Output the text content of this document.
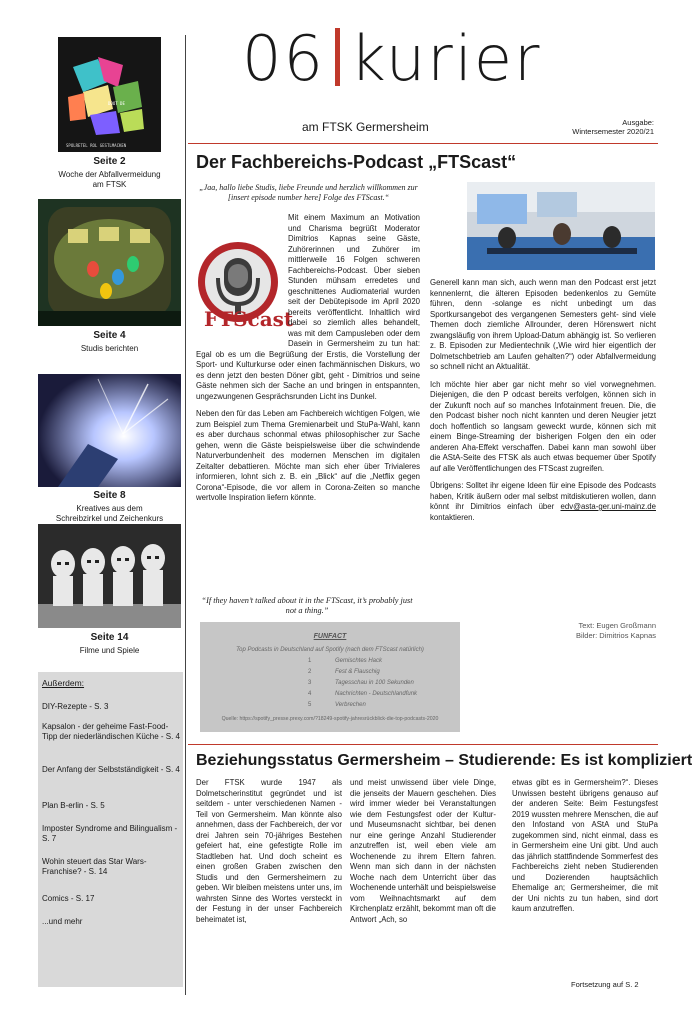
DOOT DE
SPOLRETEL ROL GESTLMACKEN
Seite 2
Woche der Abfallvermeidung
am FTSK
Seite 4
Studis berichten
Seite 8
Kreatives aus dem
Schreibzirkel und Zeichenkurs
Seite 14
Filme und Spiele
Außerdem:
DIY-Rezepte - S. 3
Kapsalon - der geheime Fast-Food-Tipp der niederländischen Küche - S. 4
Der Anfang der Selbstständigkeit - S. 4
Plan B-erlin - S. 5
Imposter Syndrome and Bilingualism - S. 7
Wohin steuert das Star Wars-Franchise? - S. 14
Comics - S. 17
...und mehr
06 kurier
am FTSK Germersheim	Ausgabe:
Wintersemester 2020/21
Der Fachbereichs-Podcast „FTScast“
„Jaa, hallo liebe Studis, liebe Freunde und herzlich willkommen zur [insert episode number here] Folge des FTScast.“
FTScast

Mit einem Maximum an Motivation und Charisma begrüßt Moderator Dimitrios Kapnas seine Gäste, Zuhörerinnen und Zuhörer im mittlerweile 16 Folgen schweren Fachbereichs-Podcast. Über sieben Stunden mühsam erredetes und geschnittenes Audiomaterial wurden seit der Debütepisode im April 2020 bereits veröffentlicht. Inhaltlich wird dabei so ziemlich alles behandelt, was mit dem Campusleben oder dem Dasein in Germersheim zu tun hat: Egal ob es um die Begrüßung der Erstis, die Vorstellung der Sport- und Kulturkurse oder einen fachmännischen Diskurs, wo es denn jetzt den besten Döner gibt, geht - Dimitrios und seine Gäste nehmen sich der Sache an und bringen in entspannten, ungezwungenen Gesprächsrunden Licht ins Dunkel.

Neben den für das Leben am Fachbereich wichtigen Folgen, wie zum Beispiel zum Thema Gremienarbeit und StuPa-Wahl, kann es aber durchaus schonmal etwas philosophischer zur Sache gehen, wenn die Gäste beispielsweise über die schwindende Naturverbundenheit des modernen Menschen im digitalen Zeitalter debattieren. Möchte man sich eher über Trivialeres informieren, lohnt sich z. B. ein „Blick“ auf die „Netflix gegen Corona“-Episode, die vor allem in Corona-Zeiten so manche wertvolle Inspiration liefern könnte.

“If they haven’t talked about it in the FTScast, it’s probably just not a thing.”

Generell kann man sich, auch wenn man den Podcast erst jetzt kennenlernt, die älteren Episoden bedenkenlos zu Gemüte führen, denn -solange es nicht unbedingt um das Sportkursangebot des vergangenen Semesters geht- sind viele Themen doch ziemliche Allrounder, deren Hörenswert nicht zwangsläufig von ihrem Upload-Datum abhängig ist. So verlieren z. B. Episoden zur Medientechnik („Wie wird hier eigentlich der Dolmetschbetrieb am Laufen gehalten?“) oder Abfallvermeidung so schnell nicht an Aktualität.

Ich möchte hier aber gar nicht mehr so viel vorwegnehmen. Diejenigen, die den P odcast bereits verfolgen, können sich in der Zukunft noch auf so manches Infotainment freuen. Die, die den Podcast bisher noch nicht kannten und deren Neugier jetzt doch hoffentlich so langsam geweckt wurde, können sich mit einem Binge-Streaming der bisherigen Folgen den ein oder anderen Aha-Effekt verschaffen. Dabei kann man sowohl über die AStA-Seite des FTSK als auch etwas bequemer über Spotify auf alle Veröffentlichungen des FTScast zugreifen.

Übrigens: Solltet ihr eigene Ideen für eine Episode des Podcasts haben, Kritik äußern oder mal selbst mitdiskutieren wollen, dann könnt ihr Dimitrios einfach über edv@asta-ger.uni-mainz.de kontaktieren.

Text: Eugen Großmann
Bilder: Dimitrios Kapnas
FUNFACT
Top Podcasts in Deutschland auf Spotify (nach dem FTScast natürlich)
1	Gemischtes Hack
2	Fest & Flauschig
3	Tagesschau in 100 Sekunden
4	Nachrichten - Deutschlandfunk
5	Verbrechen
Quelle: https://spotify_presse.prexy.com/?18249-spotify-jahresrückblick-die-top-podcasts-2020
Beziehungsstatus Germersheim – Studierende: Es ist kompliziert
Der FTSK wurde 1947 als Dolmetscherinstitut gegründet und ist seitdem - unter verschiedenen Namen - Teil von Germersheim. Man könnte also annehmen, dass der Fachbereich, der vor drei Jahren sein 70-jähriges Bestehen gefeiert hat, eine gefestigte Rolle im Stadtleben hat. Und doch scheint es einen großen Graben zwischen den Studis und den Germersheimern zu geben. Wir bleiben meistens unter uns, im wahrsten Sinne des Wortes versteckt in der Festung in der unser Fachbereich beheimatet ist,
und meist unwissend über viele Dinge, die jenseits der Mauern geschehen. Dies wird immer wieder bei Veranstaltungen wie dem Festungsfest oder der Kultur- und Museumsnacht sichtbar, bei denen nur eine geringe Anzahl Studierender anzutreffen ist, weil eben viele am Wochenende zu ihrem Eltern fahren. Wenn man sich dann in der nächsten Woche nach dem Unterricht über das Wochenende unterhält und beispielsweise vom Weihnachtsmarkt auf dem Kirchenplatz erzählt, bekommt man oft die Antwort „Ach, so
etwas gibt es in Germersheim?“. Dieses Unwissen besteht übrigens genauso auf der anderen Seite: Beim Festungsfest 2019 wussten mehrere Menschen, die auf den Infostand von AStA und StuPa zugekommen sind, nicht einmal, dass es in Germersheim eine Uni gibt. Und auch das jährlich stattfindende Sommerfest des Fachbereichs zieht neben Studierenden und Dozierenden hauptsächlich Ehemalige an; Germersheimer, die mit der Uni nichts zu tun haben, sind dort kaum anzutreffen.
Fortsetzung auf S. 2
